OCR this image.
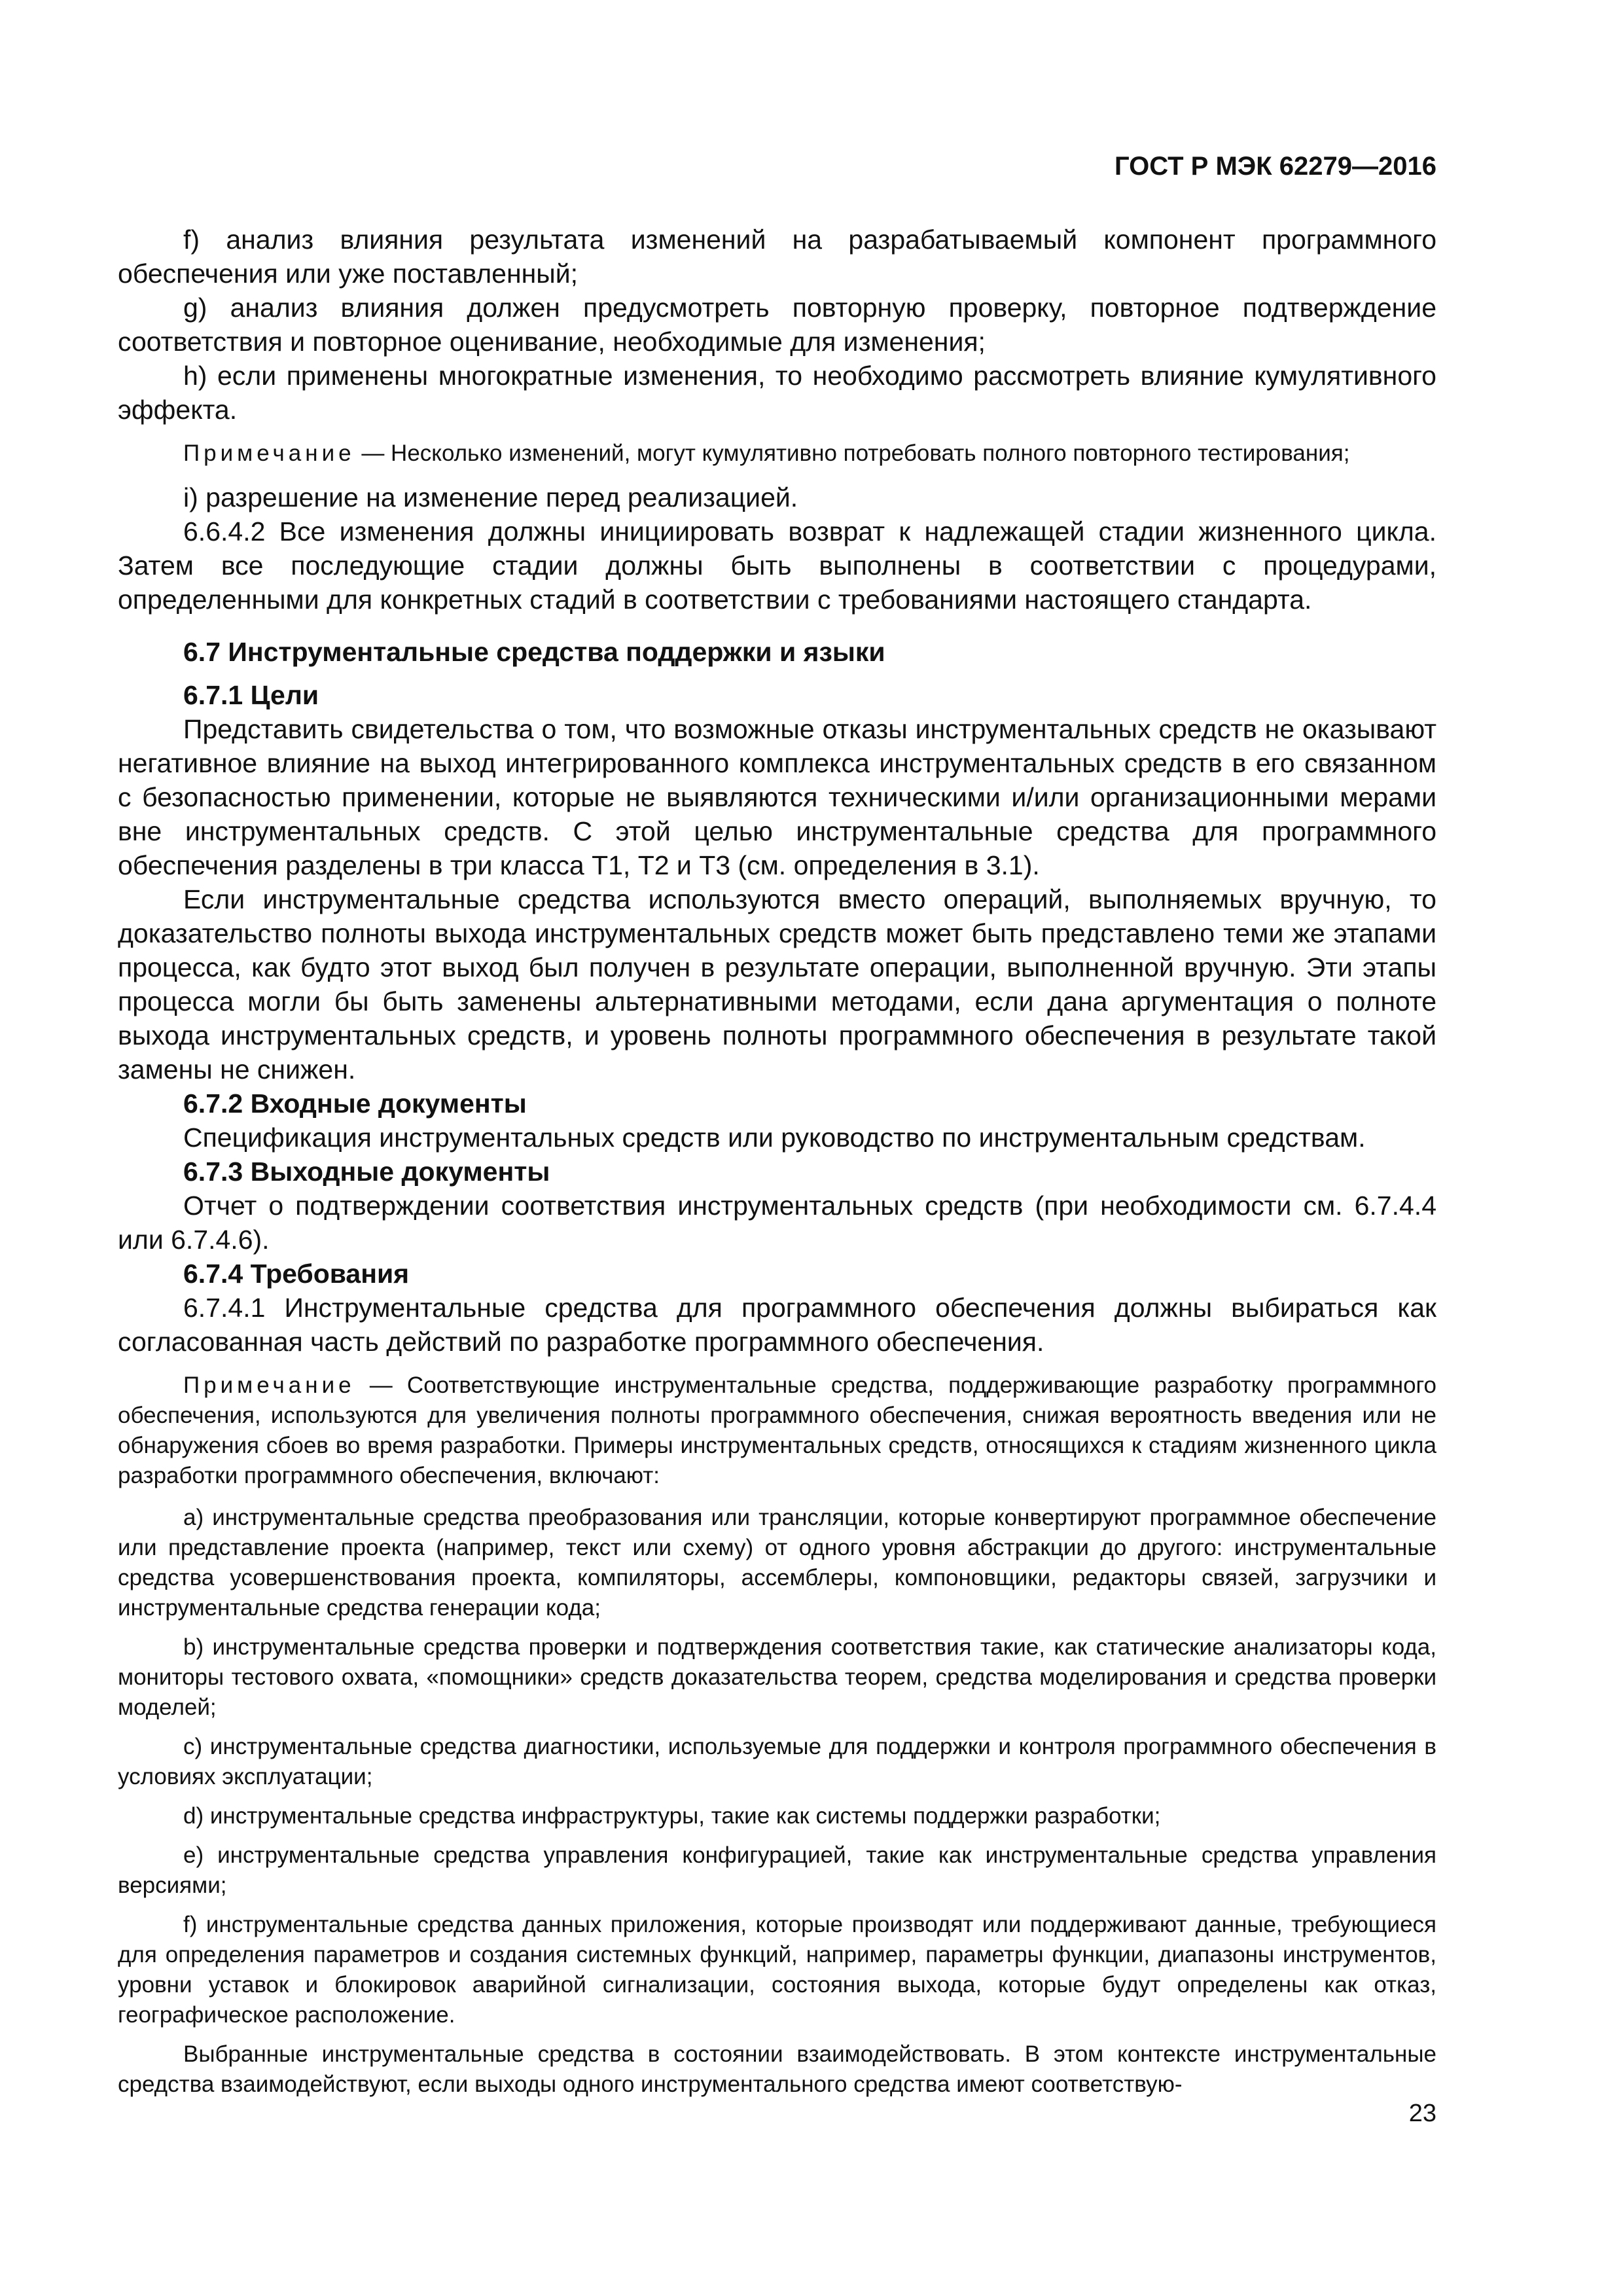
ГОСТ Р МЭК 62279—2016

f) анализ влияния результата изменений на разрабатываемый компонент программного обеспечения или уже поставленный;

g) анализ влияния должен предусмотреть повторную проверку, повторное подтверждение соответствия и повторное оценивание, необходимые для изменения;

h) если применены многократные изменения, то необходимо рассмотреть влияние кумулятивного эффекта.

Примечание — Несколько изменений, могут кумулятивно потребовать полного повторного тестирования;

i) разрешение на изменение перед реализацией.

6.6.4.2 Все изменения должны инициировать возврат к надлежащей стадии жизненного цикла. Затем все последующие стадии должны быть выполнены в соответствии с процедурами, определенными для конкретных стадий в соответствии с требованиями настоящего стандарта.

6.7 Инструментальные средства поддержки и языки

6.7.1 Цели

Представить свидетельства о том, что возможные отказы инструментальных средств не оказывают негативное влияние на выход интегрированного комплекса инструментальных средств в его связанном с безопасностью применении, которые не выявляются техническими и/или организационными мерами вне инструментальных средств. С этой целью инструментальные средства для программного обеспечения разделены в три класса Т1, Т2 и Т3 (см. определения в 3.1).

Если инструментальные средства используются вместо операций, выполняемых вручную, то доказательство полноты выхода инструментальных средств может быть представлено теми же этапами процесса, как будто этот выход был получен в результате операции, выполненной вручную. Эти этапы процесса могли бы быть заменены альтернативными методами, если дана аргументация о полноте выхода инструментальных средств, и уровень полноты программного обеспечения в результате такой замены не снижен.

6.7.2 Входные документы

Спецификация инструментальных средств или руководство по инструментальным средствам.

6.7.3 Выходные документы

Отчет о подтверждении соответствия инструментальных средств (при необходимости см. 6.7.4.4 или 6.7.4.6).

6.7.4 Требования

6.7.4.1 Инструментальные средства для программного обеспечения должны выбираться как согласованная часть действий по разработке программного обеспечения.

Примечание — Соответствующие инструментальные средства, поддерживающие разработку программного обеспечения, используются для увеличения полноты программного обеспечения, снижая вероятность введения или не обнаружения сбоев во время разработки. Примеры инструментальных средств, относящихся к стадиям жизненного цикла разработки программного обеспечения, включают:

а) инструментальные средства преобразования или трансляции, которые конвертируют программное обеспечение или представление проекта (например, текст или схему) от одного уровня абстракции до другого: инструментальные средства усовершенствования проекта, компиляторы, ассемблеры, компоновщики, редакторы связей, загрузчики и инструментальные средства генерации кода;

b) инструментальные средства проверки и подтверждения соответствия такие, как статические анализаторы кода, мониторы тестового охвата, «помощники» средств доказательства теорем, средства моделирования и средства проверки моделей;

c) инструментальные средства диагностики, используемые для поддержки и контроля программного обеспечения в условиях эксплуатации;

d) инструментальные средства инфраструктуры, такие как системы поддержки разработки;

e) инструментальные средства управления конфигурацией, такие как инструментальные средства управления версиями;

f) инструментальные средства данных приложения, которые производят или поддерживают данные, требующиеся для определения параметров и создания системных функций, например, параметры функции, диапазоны инструментов, уровни уставок и блокировок аварийной сигнализации, состояния выхода, которые будут определены как отказ, географическое расположение.

Выбранные инструментальные средства в состоянии взаимодействовать. В этом контексте инструментальные средства взаимодействуют, если выходы одного инструментального средства имеют соответствую-

23
